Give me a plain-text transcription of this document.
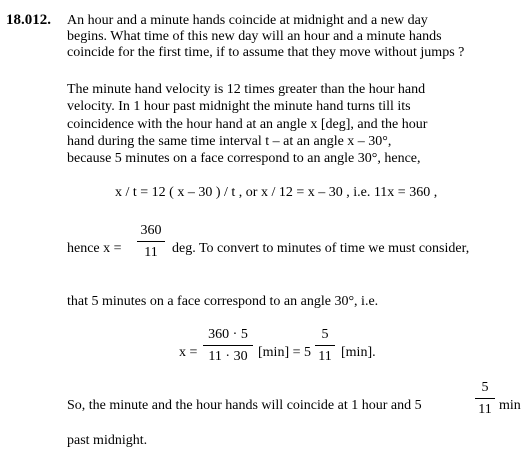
18.012. An hour and a minute hands coincide at midnight and a new day
begins. What time of this new day will an hour and a minute hands
coincide for the first time, if to assume that they move without jumps ?
The minute hand velocity is 12 times greater than the hour hand
velocity. In 1 hour past midnight the minute hand turns till its
coincidence with the hour hand at an angle x [deg], and the hour
hand during the same time interval t – at an angle x – 30°,
because 5 minutes on a face correspond to an angle 30°, hence,
x / t = 12 ( x – 30 ) / t , or x / 12 = x – 30 , i.e. 11x = 360 ,
hence x =
360
11	deg. To convert to minutes of time we must consider,
that 5 minutes on a face correspond to an angle 30°, i.e.
x =
360 · 5
11 · 30 [min] = 5
5
11 [min].
So, the minute and the hour hands will coincide at 1 hour and 5
5
11 min
past midnight.
